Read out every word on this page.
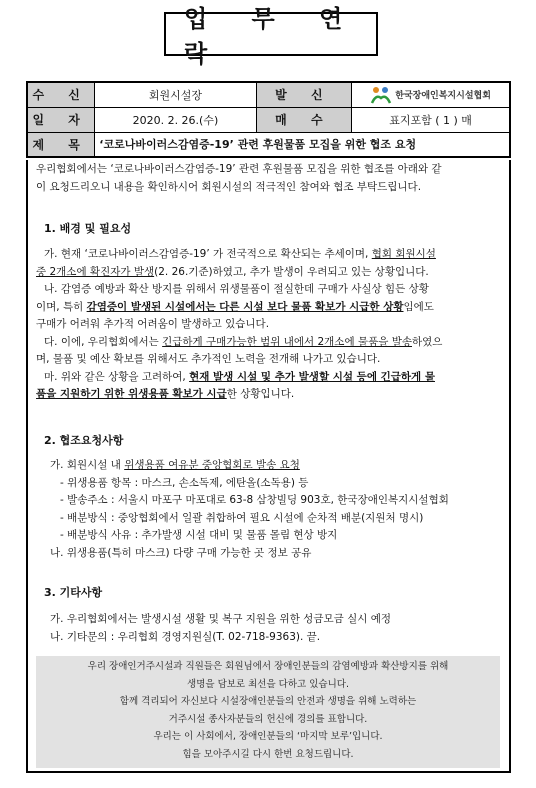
업 무 연 락
수 신	회원시설장	발 신	한국장애인복지시설협회

일 자	2020. 2. 26.(수)	매 수	표지포함 ( 1 ) 매
제 목	‘코로나바이러스감염증-19’ 관련 후원물품 모집을 위한 협조 요청		
우리협회에서는 ‘코로나바이러스감염증-19’ 관련 후원물품 모집을 위한 협조를 아래와 같
이 요청드리오니 내용을 확인하시어 회원시설의 적극적인 참여와 협조 부탁드립니다.
1. 배경 및 필요성
가. 현재 ‘코로나바이러스감염증-19’ 가 전국적으로 확산되는 추세이며, 협회 회원시설
중 2개소에 확진자가 발생(2. 26.기준)하였고, 추가 발생이 우려되고 있는 상황입니다.
나. 감염증 예방과 확산 방지를 위해서 위생물품이 절실한데 구매가 사실상 힘든 상황
이며, 특히 감염증이 발생된 시설에서는 다른 시설 보다 물품 확보가 시급한 상황임에도
구매가 어려워 추가적 어려움이 발생하고 있습니다.
다. 이에, 우리협회에서는 긴급하게 구매가능한 범위 내에서 2개소에 물품을 발송하였으
며, 물품 및 예산 확보를 위해서도 추가적인 노력을 전개해 나가고 있습니다.
마. 위와 같은 상황을 고려하여, 현재 발생 시설 및 추가 발생할 시설 등에 긴급하게 물
품을 지원하기 위한 위생용품 확보가 시급한 상황입니다.
2. 협조요청사항
가. 회원시설 내 위생용품 여유분 중앙협회로 발송 요청
- 위생용품 항목 : 마스크, 손소독제, 에탄올(소독용) 등
- 발송주소 : 서울시 마포구 마포대로 63-8 삼창빌딩 903호, 한국장애인복지시설협회
- 배분방식 : 중앙협회에서 일괄 취합하여 필요 시설에 순차적 배분(지원처 명시)
- 배분방식 사유 : 추가발생 시설 대비 및 물품 몰림 현상 방지
나. 위생용품(특히 마스크) 다량 구매 가능한 곳 정보 공유
3. 기타사항
가. 우리협회에서는 발생시설 생활 및 복구 지원을 위한 성금모금 실시 예정
나. 기타문의 : 우리협회 경영지원실(T. 02-718-9363). 끝.
우리 장애인거주시설과 직원들은 회원님에서 장애인분들의 감염예방과 확산방지를 위해
생명을 담보로 최선을 다하고 있습니다.
함께 격리되어 자신보다 시설장애인분들의 안전과 생명을 위해 노력하는
거주시설 종사자분들의 헌신에 경의를 표합니다.
우리는 이 사회에서, 장애인분들의 ‘마지막 보루’입니다.
힘을 모아주시길 다시 한번 요청드립니다.
